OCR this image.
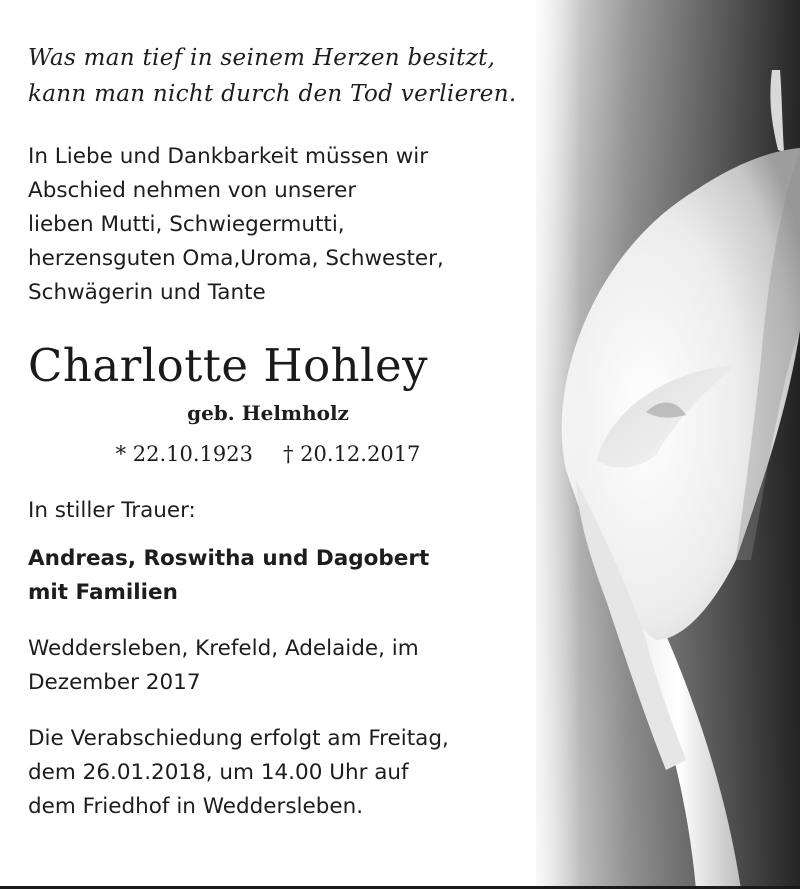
Was man tief in seinem Herzen besitzt,
kann man nicht durch den Tod verlieren.

In Liebe und Dankbarkeit müssen wir
Abschied nehmen von unserer
lieben Mutti, Schwiegermutti,
herzensguten Oma,Uroma, Schwester,
Schwägerin und Tante

Charlotte Hohley
geb. Helmholz
* 22.10.1923 † 20.12.2017

In stiller Trauer:

Andreas, Roswitha und Dagobert
mit Familien

Weddersleben, Krefeld, Adelaide, im
Dezember 2017

Die Verabschiedung erfolgt am Freitag,
dem 26.01.2018, um 14.00 Uhr auf
dem Friedhof in Weddersleben.
